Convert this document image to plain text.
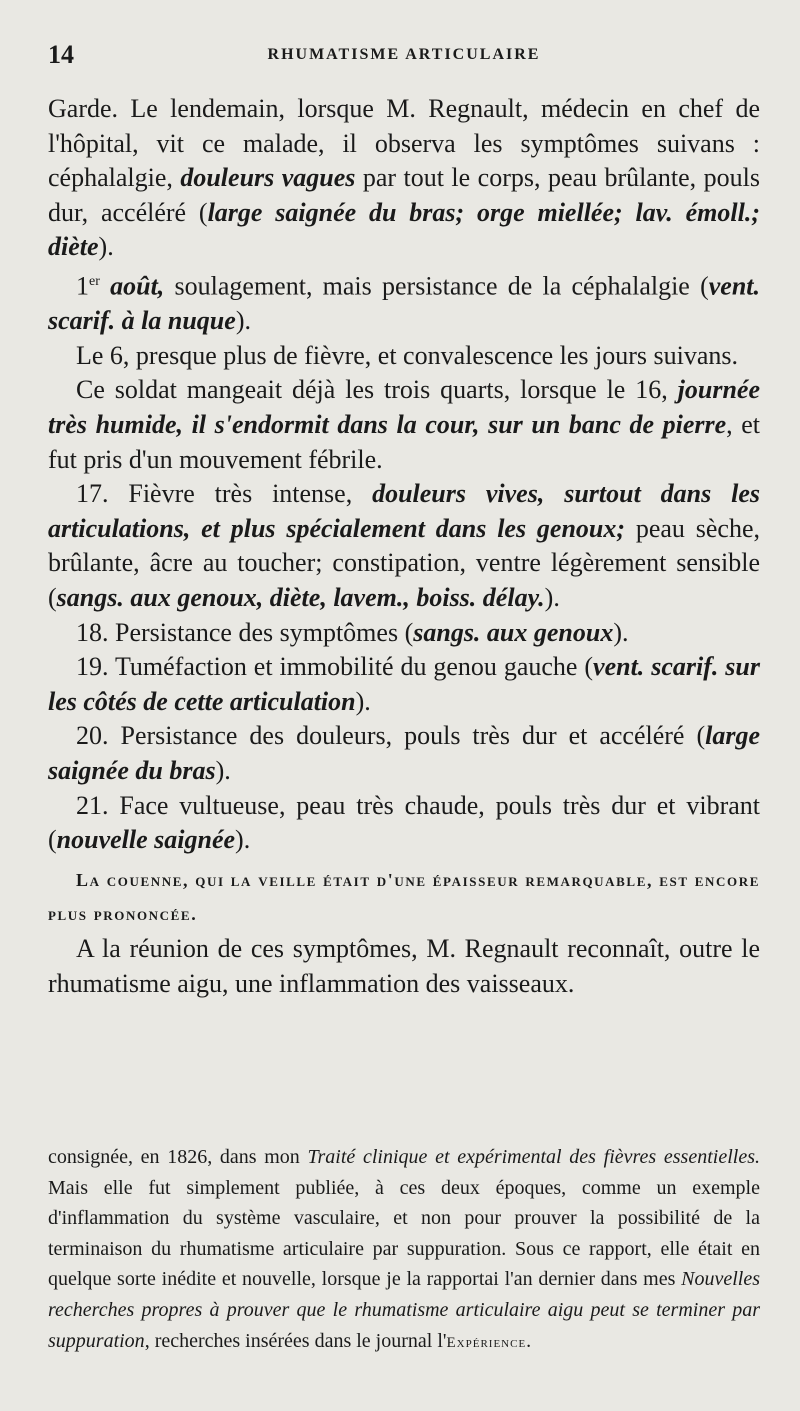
14	RHUMATISME ARTICULAIRE

Garde. Le lendemain, lorsque M. Regnault, médecin en chef de l'hôpital, vit ce malade, il observa les symptômes suivans : céphalalgie, douleurs vagues par tout le corps, peau brûlante, pouls dur, accéléré (large saignée du bras; orge miellée; lav. émoll.; diète).

1er août, soulagement, mais persistance de la céphalalgie (vent. scarif. à la nuque).

Le 6, presque plus de fièvre, et convalescence les jours suivans.

Ce soldat mangeait déjà les trois quarts, lorsque le 16, journée très humide, il s'endormit dans la cour, sur un banc de pierre, et fut pris d'un mouvement fébrile.

17. Fièvre très intense, douleurs vives, surtout dans les articulations, et plus spécialement dans les genoux; peau sèche, brûlante, âcre au toucher; constipation, ventre légèrement sensible (sangs. aux genoux, diète, lavem., boiss. délay.).

18. Persistance des symptômes (sangs. aux genoux).

19. Tuméfaction et immobilité du genou gauche (vent. scarif. sur les côtés de cette articulation).

20. Persistance des douleurs, pouls très dur et accéléré (large saignée du bras).

21. Face vultueuse, peau très chaude, pouls très dur et vibrant (nouvelle saignée).

La couenne, qui la veille était d'une épaisseur remarquable, est encore plus prononcée.

A la réunion de ces symptômes, M. Regnault reconnaît, outre le rhumatisme aigu, une inflammation des vaisseaux.

consignée, en 1826, dans mon Traité clinique et expérimental des fièvres essentielles. Mais elle fut simplement publiée, à ces deux époques, comme un exemple d'inflammation du système vasculaire, et non pour prouver la possibilité de la terminaison du rhumatisme articulaire par suppuration. Sous ce rapport, elle était en quelque sorte inédite et nouvelle, lorsque je la rapportai l'an dernier dans mes Nouvelles recherches propres à prouver que le rhumatisme articulaire aigu peut se terminer par suppuration, recherches insérées dans le journal l'Expérience.
